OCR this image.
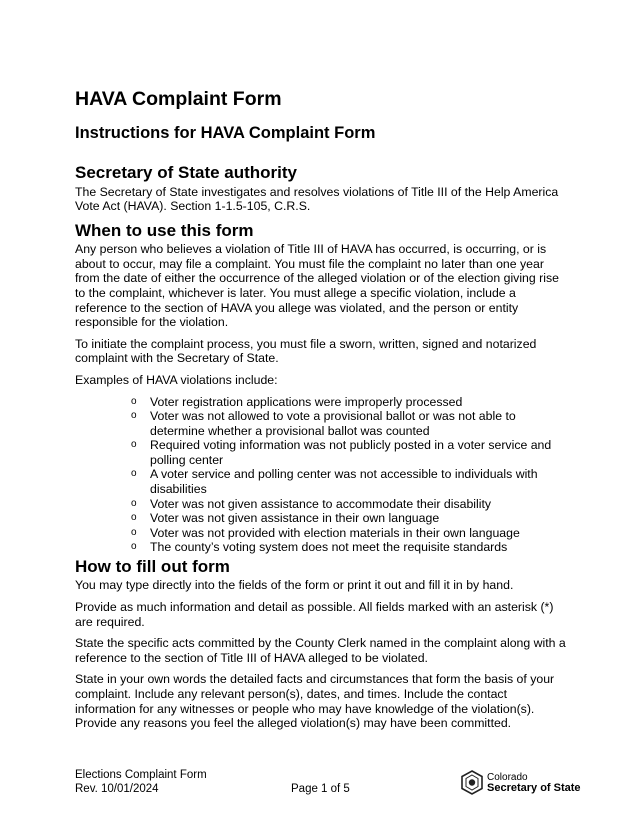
HAVA Complaint Form
Instructions for HAVA Complaint Form
Secretary of State authority

The Secretary of State investigates and resolves violations of Title III of the Help America Vote Act (HAVA). Section 1-1.5-105, C.R.S.

When to use this form

Any person who believes a violation of Title III of HAVA has occurred, is occurring, or is about to occur, may file a complaint. You must file the complaint no later than one year from the date of either the occurrence of the alleged violation or of the election giving rise to the complaint, whichever is later. You must allege a specific violation, include a reference to the section of HAVA you allege was violated, and the person or entity responsible for the violation.

To initiate the complaint process, you must file a sworn, written, signed and notarized complaint with the Secretary of State.

Examples of HAVA violations include:

o Voter registration applications were improperly processed
o Voter was not allowed to vote a provisional ballot or was not able to determine whether a provisional ballot was counted
o Required voting information was not publicly posted in a voter service and polling center
o A voter service and polling center was not accessible to individuals with disabilities
o Voter was not given assistance to accommodate their disability
o Voter was not given assistance in their own language
o Voter was not provided with election materials in their own language
o The county’s voting system does not meet the requisite standards
How to fill out form

You may type directly into the fields of the form or print it out and fill it in by hand.

Provide as much information and detail as possible. All fields marked with an asterisk (*) are required.

State the specific acts committed by the County Clerk named in the complaint along with a reference to the section of Title III of HAVA alleged to be violated.

State in your own words the detailed facts and circumstances that form the basis of your complaint. Include any relevant person(s), dates, and times. Include the contact information for any witnesses or people who may have knowledge of the violation(s). Provide any reasons you feel the alleged violation(s) may have been committed.

Elections Complaint Form
Rev. 10/01/2024	Page 1 of 5
Colorado
Secretary of State
